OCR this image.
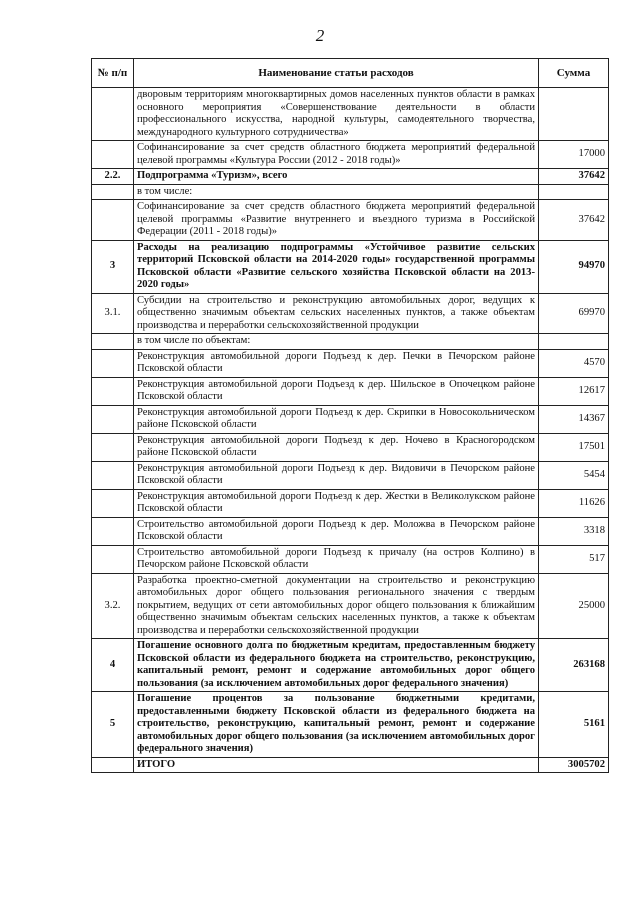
2
№ п/п	Наименование статьи расходов	Сумма
	дворовым территориям многоквартирных домов населенных пунктов области в рамках основного мероприятия «Совершенствование деятельности в области профессионального искусства, народной культуры, самодеятельного творчества, международного культурного сотрудничества»	
	Софинансирование за счет средств областного бюджета мероприятий федеральной целевой программы «Культура России (2012 - 2018 годы)»	17000
2.2.	Подпрограмма «Туризм», всего	37642
	в том числе:	
	Софинансирование за счет средств областного бюджета мероприятий федеральной целевой программы «Развитие внутреннего и въездного туризма в Российской Федерации (2011 - 2018 годы)»	37642
3	Расходы на реализацию подпрограммы «Устойчивое развитие сельских территорий Псковской области на 2014-2020 годы» государственной программы Псковской области «Развитие сельского хозяйства Псковской области на 2013-2020 годы»	94970
3.1.	Субсидии на строительство и реконструкцию автомобильных дорог, ведущих к общественно значимым объектам сельских населенных пунктов, а также объектам производства и переработки сельскохозяйственной продукции	69970
	в том числе по объектам:	
	Реконструкция автомобильной дороги Подъезд к дер. Печки в Печорском районе Псковской области	4570
	Реконструкция автомобильной дороги Подъезд к дер. Шильское в Опочецком районе Псковской области	12617
	Реконструкция автомобильной дороги Подъезд к дер. Скрипки в Новосокольническом районе Псковской области	14367
	Реконструкция автомобильной дороги Подъезд к дер. Ночево в Красногородском районе Псковской области	17501
	Реконструкция автомобильной дороги Подъезд к дер. Видовичи в Печорском районе Псковской области	5454
	Реконструкция автомобильной дороги Подъезд к дер. Жестки в Великолукском районе Псковской области	11626
	Строительство автомобильной дороги Подъезд к дер. Моложва в Печорском районе Псковской области	3318
	Строительство автомобильной дороги Подъезд к причалу (на остров Колпино) в Печорском районе Псковской области	517
3.2.	Разработка проектно-сметной документации на строительство и реконструкцию автомобильных дорог общего пользования регионального значения с твердым покрытием, ведущих от сети автомобильных дорог общего пользования к ближайшим общественно значимым объектам сельских населенных пунктов, а также к объектам производства и переработки сельскохозяйственной продукции	25000
4	Погашение основного долга по бюджетным кредитам, предоставленным бюджету Псковской области из федерального бюджета на строительство, реконструкцию, капитальный ремонт, ремонт и содержание автомобильных дорог общего пользования (за исключением автомобильных дорог федерального значения)	263168
5	Погашение процентов за пользование бюджетными кредитами, предоставленными бюджету Псковской области из федерального бюджета на строительство, реконструкцию, капитальный ремонт, ремонт и содержание автомобильных дорог общего пользования (за исключением автомобильных дорог федерального значения)	5161
	ИТОГО	3005702
